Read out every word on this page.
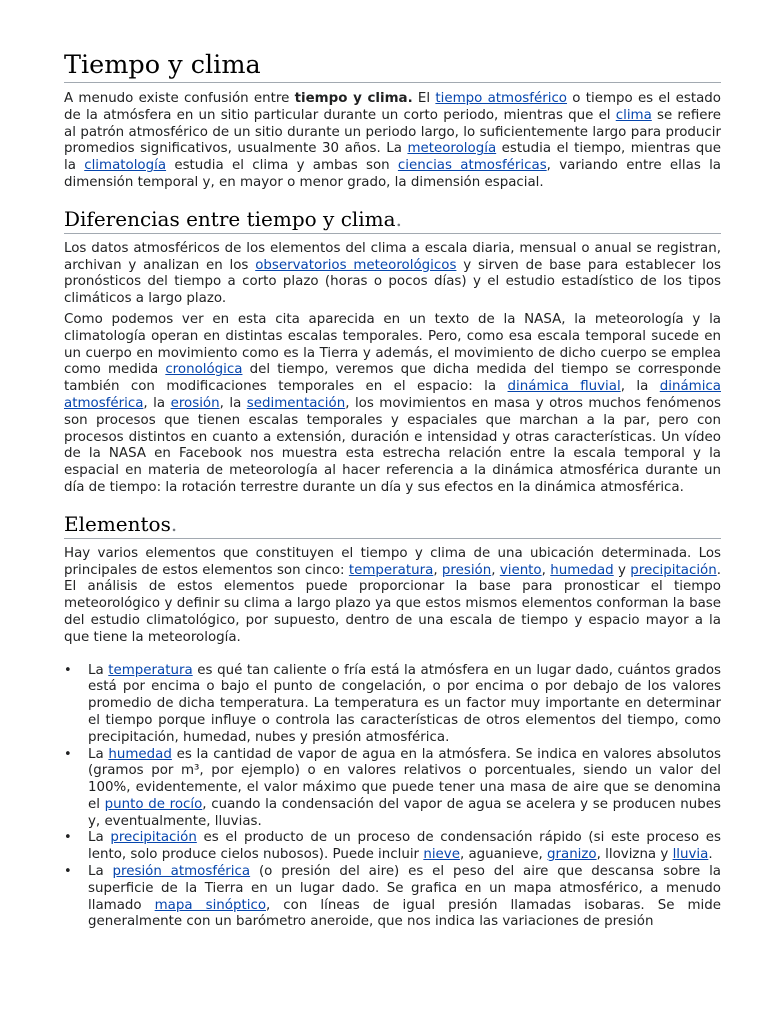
Tiempo y clima

A menudo existe confusión entre tiempo y clima. El tiempo atmosférico o tiempo es el estado de la atmósfera en un sitio particular durante un corto periodo, mientras que el clima se refiere al patrón atmosférico de un sitio durante un periodo largo, lo suficientemente largo para producir promedios significativos, usualmente 30 años. La meteorología estudia el tiempo, mientras que la climatología estudia el clima y ambas son ciencias atmosféricas, variando entre ellas la dimensión temporal y, en mayor o menor grado, la dimensión espacial.

Diferencias entre tiempo y clima.

Los datos atmosféricos de los elementos del clima a escala diaria, mensual o anual se registran, archivan y analizan en los observatorios meteorológicos y sirven de base para establecer los pronósticos del tiempo a corto plazo (horas o pocos días) y el estudio estadístico de los tipos climáticos a largo plazo.

Como podemos ver en esta cita aparecida en un texto de la NASA, la meteorología y la climatología operan en distintas escalas temporales. Pero, como esa escala temporal sucede en un cuerpo en movimiento como es la Tierra y además, el movimiento de dicho cuerpo se emplea como medida cronológica del tiempo, veremos que dicha medida del tiempo se corresponde también con modificaciones temporales en el espacio: la dinámica fluvial, la dinámica atmosférica, la erosión, la sedimentación, los movimientos en masa y otros muchos fenómenos son procesos que tienen escalas temporales y espaciales que marchan a la par, pero con procesos distintos en cuanto a extensión, duración e intensidad y otras características. Un vídeo de la NASA en Facebook nos muestra esta estrecha relación entre la escala temporal y la espacial en materia de meteorología al hacer referencia a la dinámica atmosférica durante un día de tiempo: la rotación terrestre durante un día y sus efectos en la dinámica atmosférica.

Elementos.

Hay varios elementos que constituyen el tiempo y clima de una ubicación determinada. Los principales de estos elementos son cinco: temperatura, presión, viento, humedad y precipitación. El análisis de estos elementos puede proporcionar la base para pronosticar el tiempo meteorológico y definir su clima a largo plazo ya que estos mismos elementos conforman la base del estudio climatológico, por supuesto, dentro de una escala de tiempo y espacio mayor a la que tiene la meteorología.

• La temperatura es qué tan caliente o fría está la atmósfera en un lugar dado, cuántos grados está por encima o bajo el punto de congelación, o por encima o por debajo de los valores promedio de dicha temperatura. La temperatura es un factor muy importante en determinar el tiempo porque influye o controla las características de otros elementos del tiempo, como precipitación, humedad, nubes y presión atmosférica.
• La humedad es la cantidad de vapor de agua en la atmósfera. Se indica en valores absolutos (gramos por m³, por ejemplo) o en valores relativos o porcentuales, siendo un valor del 100%, evidentemente, el valor máximo que puede tener una masa de aire que se denomina el punto de rocío, cuando la condensación del vapor de agua se acelera y se producen nubes y, eventualmente, lluvias.
• La precipitación es el producto de un proceso de condensación rápido (si este proceso es lento, solo produce cielos nubosos). Puede incluir nieve, aguanieve, granizo, llovizna y lluvia.
• La presión atmosférica (o presión del aire) es el peso del aire que descansa sobre la superficie de la Tierra en un lugar dado. Se grafica en un mapa atmosférico, a menudo llamado mapa sinóptico, con líneas de igual presión llamadas isobaras. Se mide generalmente con un barómetro aneroide, que nos indica las variaciones de presión
